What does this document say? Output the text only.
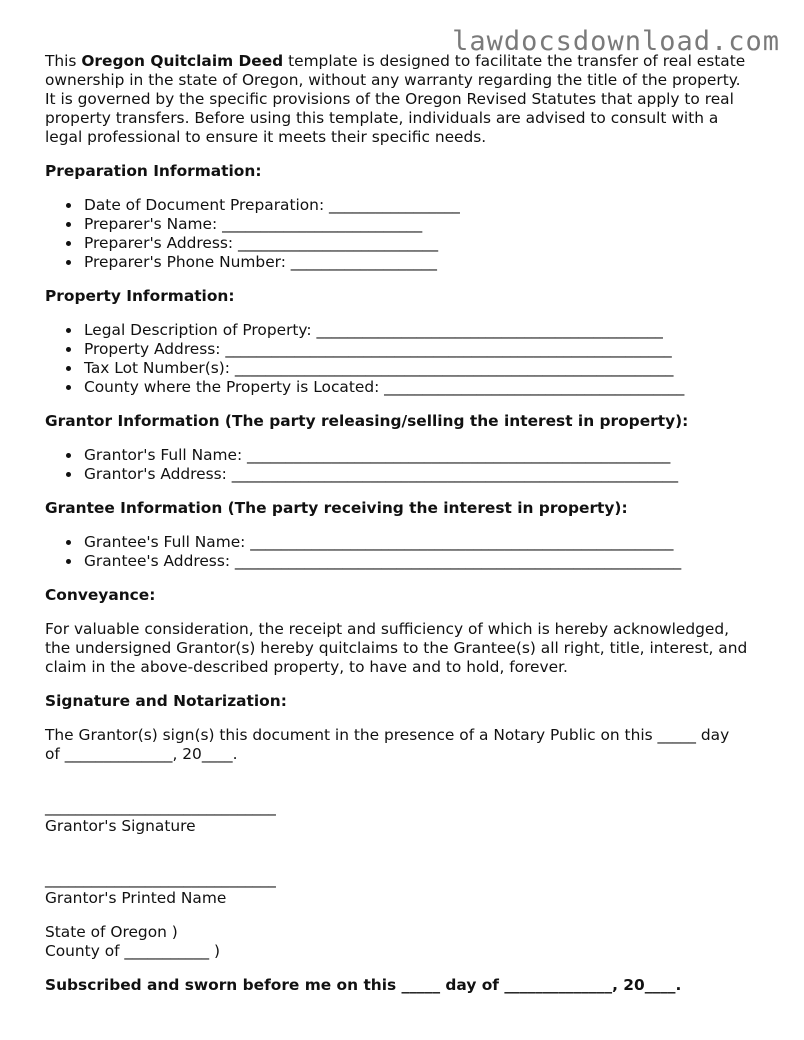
lawdocsdownload.com

This Oregon Quitclaim Deed template is designed to facilitate the transfer of real estate

ownership in the state of Oregon, without any warranty regarding the title of the property.

It is governed by the specific provisions of the Oregon Revised Statutes that apply to real

property transfers. Before using this template, individuals are advised to consult with a

legal professional to ensure it meets their specific needs.

Preparation Information:
Date of Document Preparation: _________________
Preparer's Name: __________________________
Preparer's Address: __________________________
Preparer's Phone Number: ___________________
Property Information:
Legal Description of Property: _____________________________________________
Property Address: __________________________________________________________
Tax Lot Number(s): _________________________________________________________
County where the Property is Located: _______________________________________
Grantor Information (The party releasing/selling the interest in property):
Grantor's Full Name: _______________________________________________________
Grantor's Address: __________________________________________________________
Grantee Information (The party receiving the interest in property):
Grantee's Full Name: _______________________________________________________
Grantee's Address: __________________________________________________________
Conveyance:

For valuable consideration, the receipt and sufficiency of which is hereby acknowledged,

the undersigned Grantor(s) hereby quitclaims to the Grantee(s) all right, title, interest, and

claim in the above-described property, to have and to hold, forever.

Signature and Notarization:

The Grantor(s) sign(s) this document in the presence of a Notary Public on this _____ day

of ______________, 20____.

______________________________

Grantor's Signature

______________________________

Grantor's Printed Name

State of Oregon )

County of ___________ )

Subscribed and sworn before me on this _____ day of ______________, 20____.
